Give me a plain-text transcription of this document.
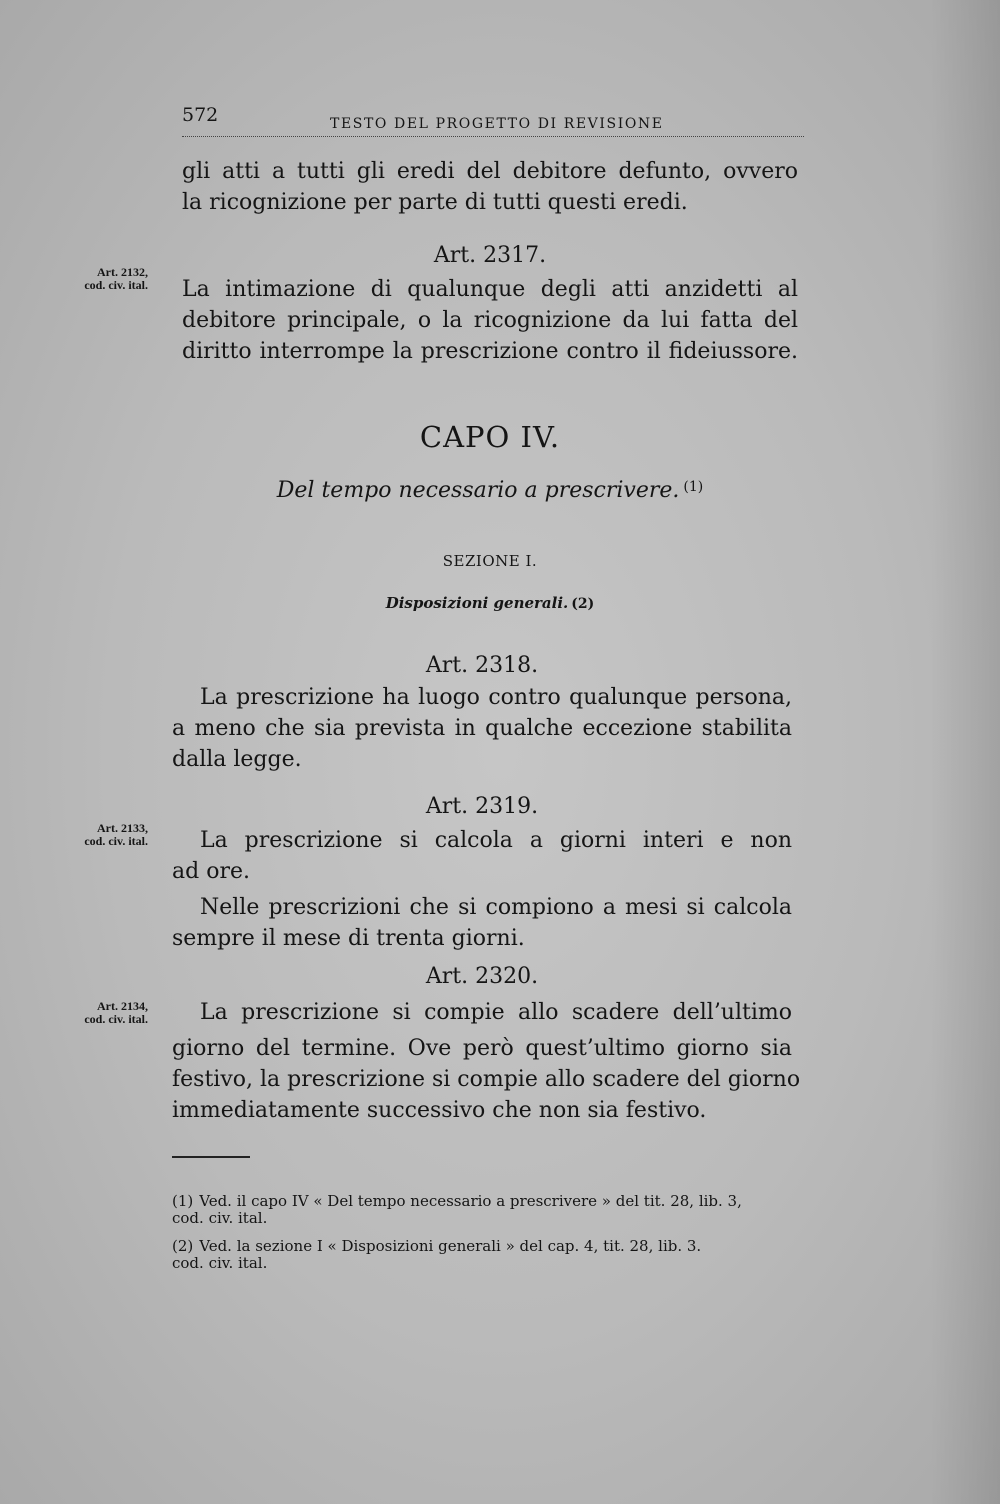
572	TESTO DEL PROGETTO DI REVISIONE
gli atti a tutti gli eredi del debitore defunto, ovvero
la ricognizione per parte di tutti questi eredi.
Art. 2317.
Art. 2132,
cod. civ. ital. La intimazione di qualunque degli atti anzidetti al
debitore principale, o la ricognizione da lui fatta del
diritto interrompe la prescrizione contro il fideiussore.
CAPO IV.
Del tempo necessario a prescrivere. $^{(1)}$
SEZIONE I.
Disposizioni generali. (2)
Art. 2318.
La prescrizione ha luogo contro qualunque persona,
a meno che sia prevista in qualche eccezione stabilita
dalla legge.
Art. 2319.
Art. 2133,
cod. civ. ital. La prescrizione si calcola a giorni interi e non
ad ore.
Nelle prescrizioni che si compiono a mesi si calcola
sempre il mese di trenta giorni.
Art. 2320.
Art. 2134,
cod. civ. ital. La prescrizione si compie allo scadere dell’ultimo
giorno del termine. Ove però quest’ultimo giorno sia
festivo, la prescrizione si compie allo scadere del giorno
immediatamente successivo che non sia festivo.
(1) Ved. il capo IV « Del tempo necessario a prescrivere » del tit. 28, lib. 3,
cod. civ. ital.
(2) Ved. la sezione I « Disposizioni generali » del cap. 4, tit. 28, lib. 3.
cod. civ. ital.
